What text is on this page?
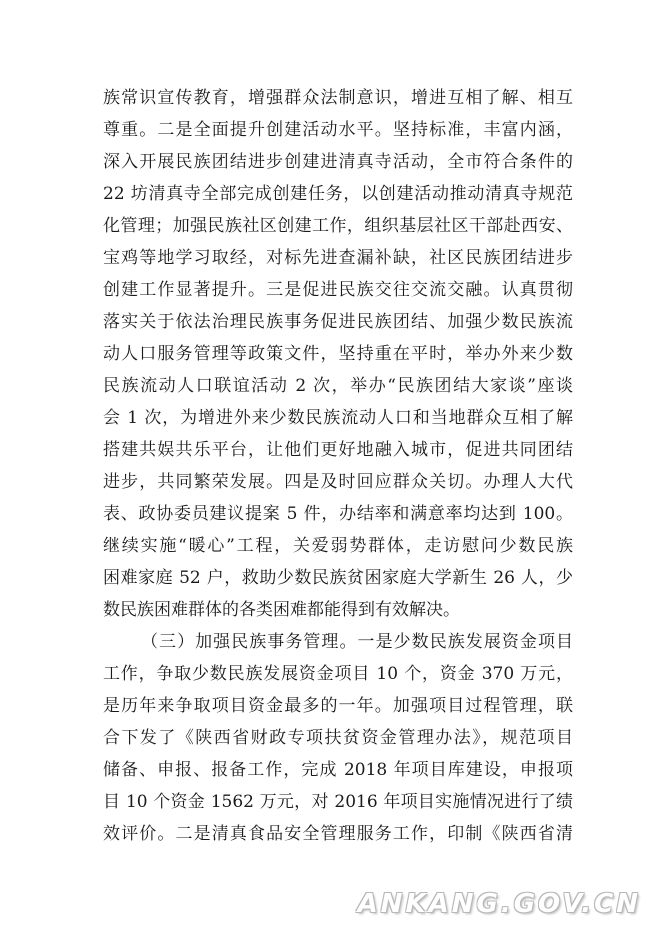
族常识宣传教育，增强群众法制意识，增进互相了解、相互
尊重。二是全面提升创建活动水平。坚持标准，丰富内涵，
深入开展民族团结进步创建进清真寺活动，全市符合条件的
22 坊清真寺全部完成创建任务，以创建活动推动清真寺规范
化管理；加强民族社区创建工作，组织基层社区干部赴西安、
宝鸡等地学习取经，对标先进查漏补缺，社区民族团结进步
创建工作显著提升。三是促进民族交往交流交融。认真贯彻
落实关于依法治理民族事务促进民族团结、加强少数民族流
动人口服务管理等政策文件，坚持重在平时，举办外来少数
民族流动人口联谊活动 2 次，举办“民族团结大家谈”座谈
会 1 次，为增进外来少数民族流动人口和当地群众互相了解
搭建共娱共乐平台，让他们更好地融入城市，促进共同团结
进步，共同繁荣发展。四是及时回应群众关切。办理人大代
表、政协委员建议提案 5 件，办结率和满意率均达到 100。
继续实施“暖心”工程，关爱弱势群体，走访慰问少数民族
困难家庭 52 户，救助少数民族贫困家庭大学新生 26 人，少
数民族困难群体的各类困难都能得到有效解决。
（三）加强民族事务管理。一是少数民族发展资金项目
工作，争取少数民族发展资金项目 10 个，资金 370 万元，
是历年来争取项目资金最多的一年。加强项目过程管理，联
合下发了《陕西省财政专项扶贫资金管理办法》，规范项目
储备、申报、报备工作，完成 2018 年项目库建设，申报项
目 10 个资金 1562 万元，对 2016 年项目实施情况进行了绩
效评价。二是清真食品安全管理服务工作，印制《陕西省清
ANKANG.GOV.CN
